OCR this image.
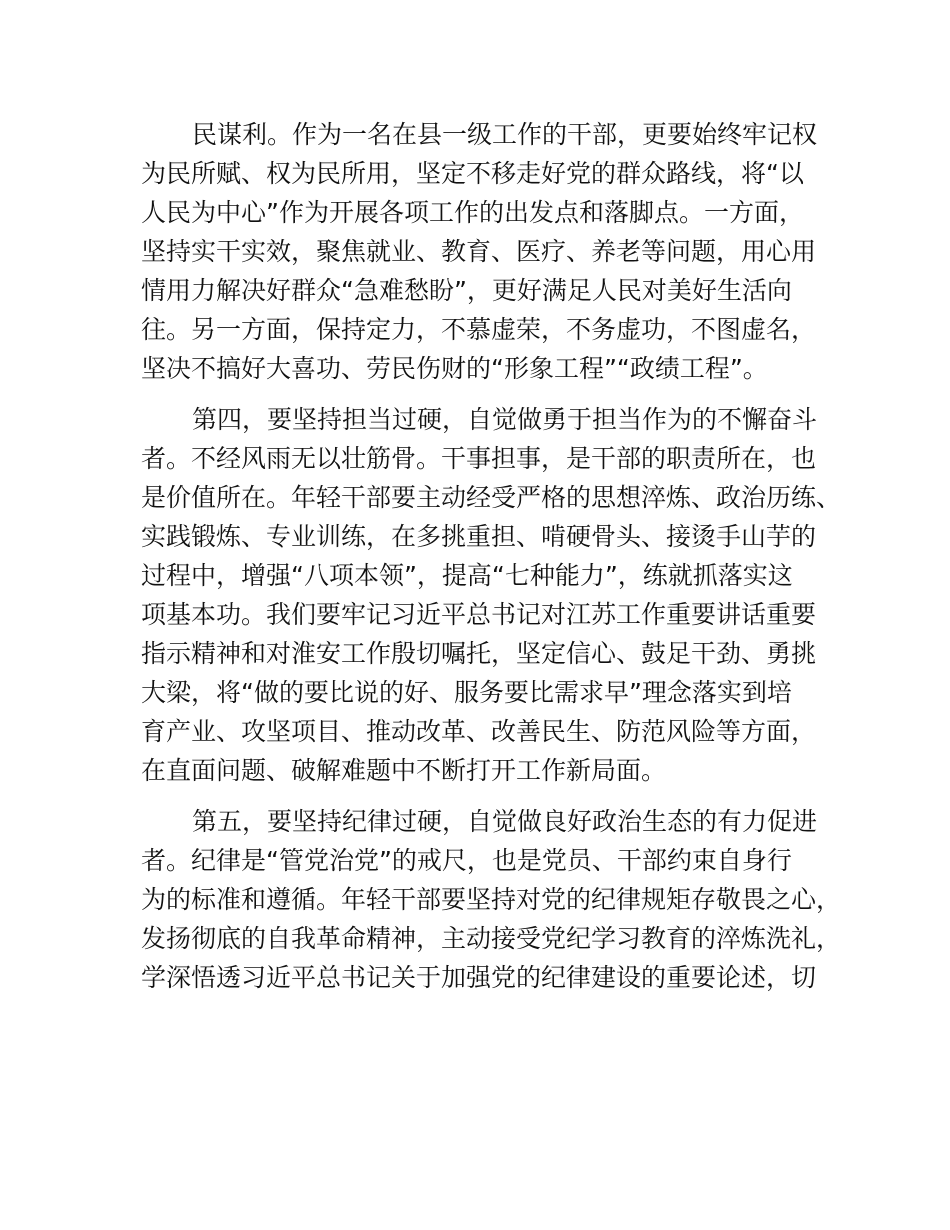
民谋利。作为一名在县一级工作的干部，更要始终牢记权
为民所赋、权为民所用，坚定不移走好党的群众路线，将“以
人民为中心”作为开展各项工作的出发点和落脚点。一方面，
坚持实干实效，聚焦就业、教育、医疗、养老等问题，用心用
情用力解决好群众“急难愁盼”，更好满足人民对美好生活向
往。另一方面，保持定力，不慕虚荣，不务虚功，不图虚名，
坚决不搞好大喜功、劳民伤财的“形象工程”“政绩工程”。
第四，要坚持担当过硬，自觉做勇于担当作为的不懈奋斗
者。不经风雨无以壮筋骨。干事担事，是干部的职责所在，也
是价值所在。年轻干部要主动经受严格的思想淬炼、政治历练、
实践锻炼、专业训练，在多挑重担、啃硬骨头、接烫手山芋的
过程中，增强“八项本领”，提高“七种能力”，练就抓落实这
项基本功。我们要牢记习近平总书记对江苏工作重要讲话重要
指示精神和对淮安工作殷切嘱托，坚定信心、鼓足干劲、勇挑
大梁，将“做的要比说的好、服务要比需求早”理念落实到培
育产业、攻坚项目、推动改革、改善民生、防范风险等方面，
在直面问题、破解难题中不断打开工作新局面。
第五，要坚持纪律过硬，自觉做良好政治生态的有力促进
者。纪律是“管党治党”的戒尺，也是党员、干部约束自身行
为的标准和遵循。年轻干部要坚持对党的纪律规矩存敬畏之心，
发扬彻底的自我革命精神，主动接受党纪学习教育的淬炼洗礼，
学深悟透习近平总书记关于加强党的纪律建设的重要论述，切
